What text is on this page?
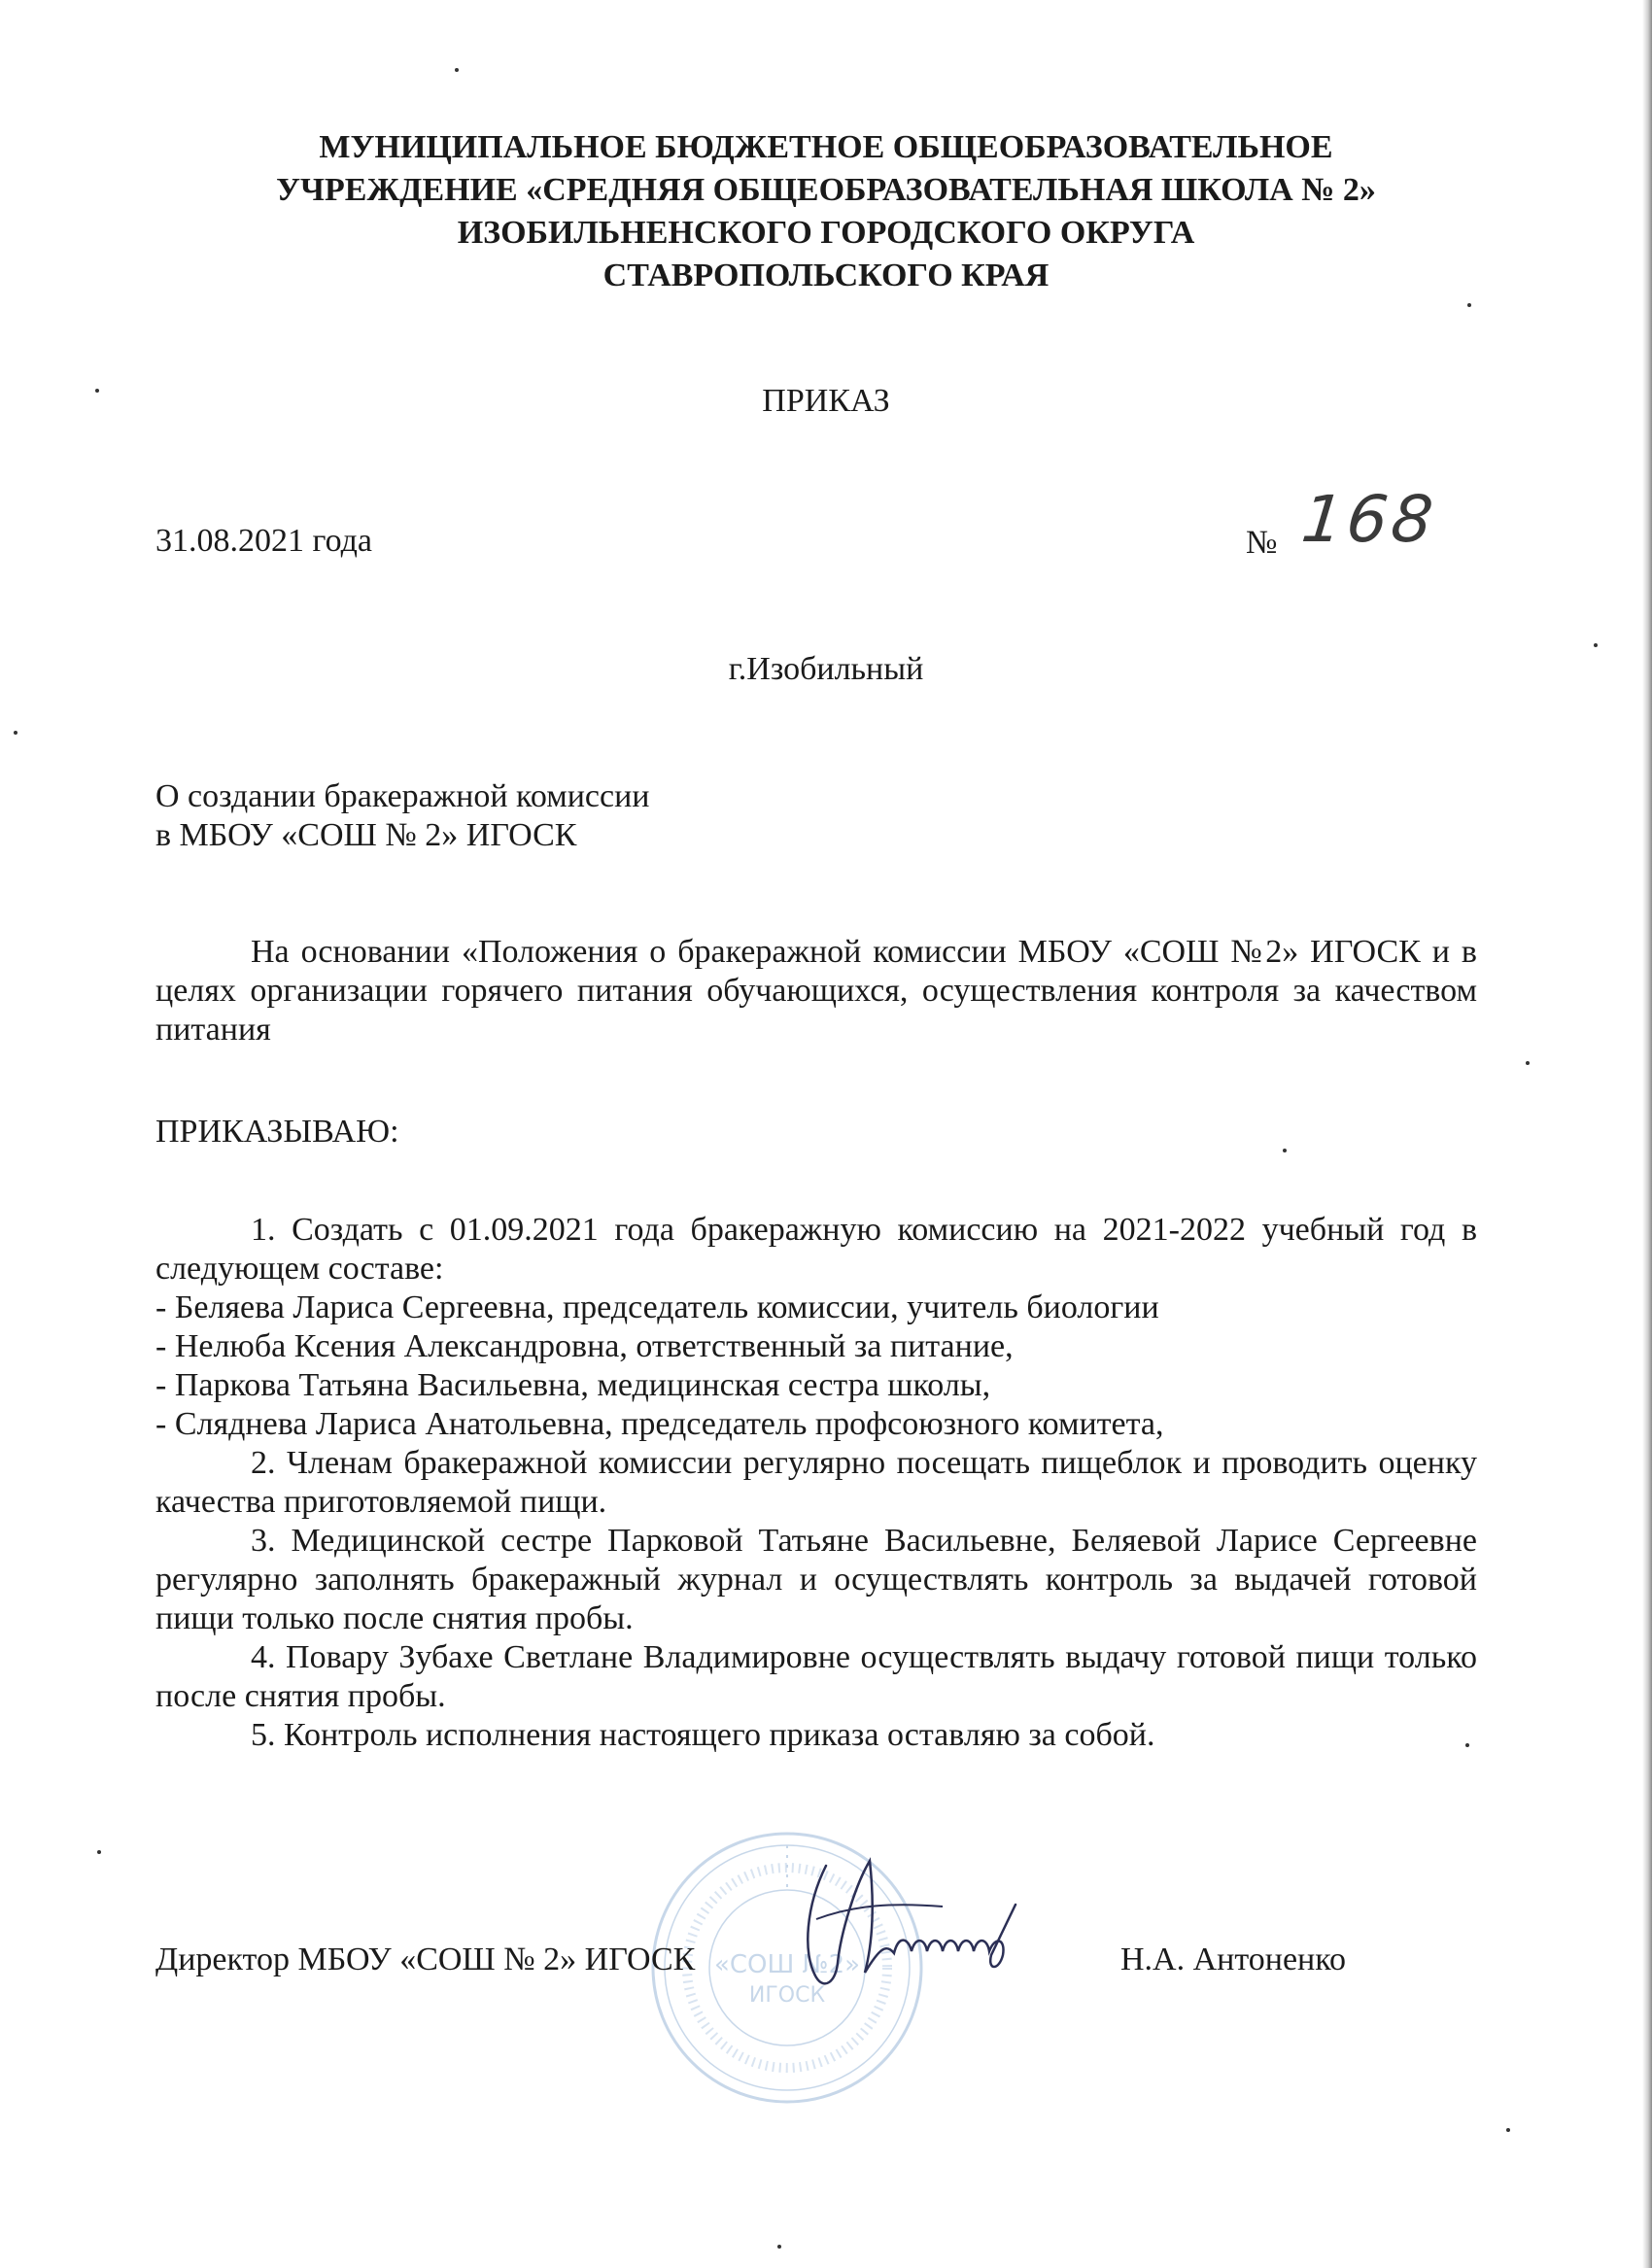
МУНИЦИПАЛЬНОЕ БЮДЖЕТНОЕ ОБЩЕОБРАЗОВАТЕЛЬНОЕ
УЧРЕЖДЕНИЕ «СРЕДНЯЯ ОБЩЕОБРАЗОВАТЕЛЬНАЯ ШКОЛА № 2»
ИЗОБИЛЬНЕНСКОГО ГОРОДСКОГО ОКРУГА
СТАВРОПОЛЬСКОГО КРАЯ
ПРИКАЗ
31.08.2021 года	№ 168
г.Изобильный
О создании бракеражной комиссии
в МБОУ «СОШ № 2» ИГОСК

На основании «Положения о бракеражной комиссии МБОУ «СОШ №2» ИГОСК и в целях организации горячего питания обучающихся, осуществления контроля за качеством питания

ПРИКАЗЫВАЮ:

1. Создать с 01.09.2021 года бракеражную комиссию на 2021-2022 учебный год в следующем составе:

- Беляева Лариса Сергеевна, председатель комиссии, учитель биологии

- Нелюба Ксения Александровна, ответственный за питание,

- Паркова Татьяна Васильевна, медицинская сестра школы,

- Сляднева Лариса Анатольевна, председатель профсоюзного комитета,

2. Членам бракеражной комиссии регулярно посещать пищеблок и проводить оценку качества приготовляемой пищи.

3. Медицинской сестре Парковой Татьяне Васильевне, Беляевой Ларисе Сергеевне регулярно заполнять бракеражный журнал и осуществлять контроль за выдачей готовой пищи только после снятия пробы.

4. Повару Зубахе Светлане Владимировне осуществлять выдачу готовой пищи только после снятия пробы.

5. Контроль исполнения настоящего приказа оставляю за собой.

«СОШ №2»
ИГОСК
Директор МБОУ «СОШ № 2» ИГОСК	Н.А. Антоненко
